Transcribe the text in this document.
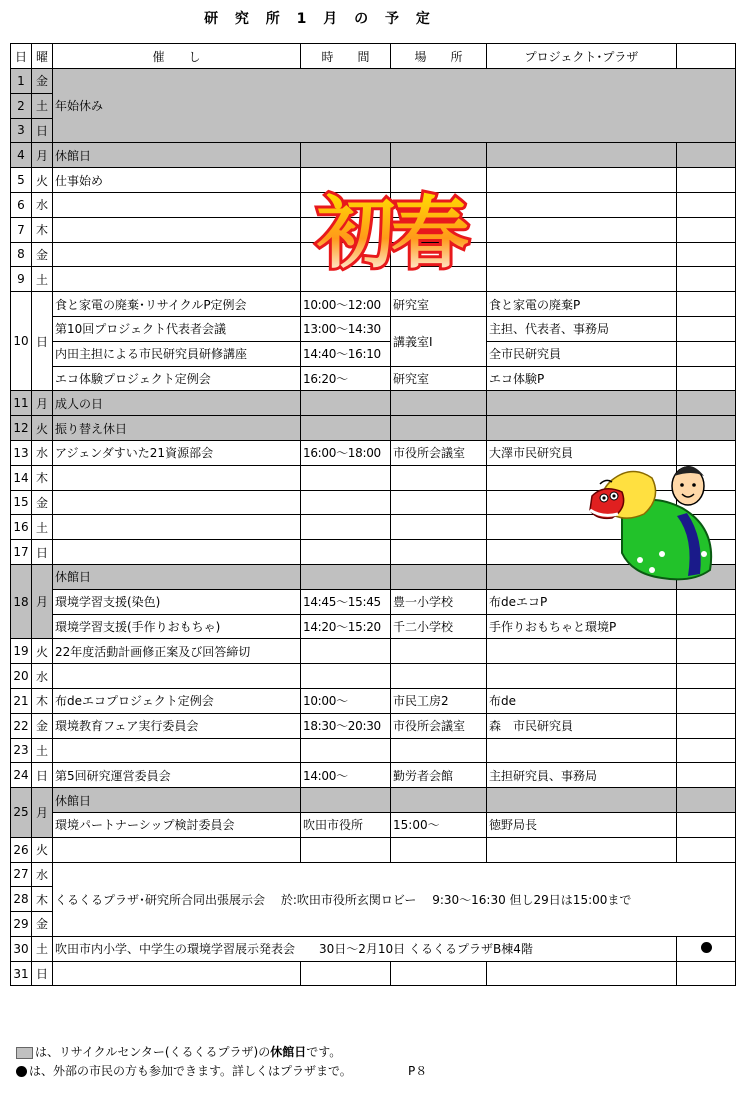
研 究 所 1 月 の 予 定
日	曜	催　　し	時　　間	場　　所	プロジェクト･プラザ	
1	金	年始休み				
2	土					
3	日					
4	月	休館日				
5	火	仕事始め				
6	水					
7	木					
8	金					
9	土					
10	日	食と家電の廃棄･リサイクルP定例会	10:00～12:00	研究室	食と家電の廃棄P	
		第10回プロジェクト代表者会議	13:00～14:30	講義室Ⅰ	主担、代表者、事務局	
		内田主担による市民研究員研修講座	14:40～16:10		全市民研究員	
		エコ体験プロジェクト定例会	16:20～	研究室	エコ体験P	
11	月	成人の日				
12	火	振り替え休日				
13	水	アジェンダすいた21資源部会	16:00～18:00	市役所会議室	大澤市民研究員	
14	木					
15	金					
16	土					
17	日					
18	月	休館日				
		環境学習支援(染色)	14:45～15:45	豊一小学校	布deエコP	
		環境学習支援(手作りおもちゃ)	14:20～15:20	千二小学校	手作りおもちゃと環境P	
19	火	22年度活動計画修正案及び回答締切				
20	水					
21	木	布deエコプロジェクト定例会	10:00～	市民工房2	布de	
22	金	環境教育フェア実行委員会	18:30～20:30	市役所会議室	森　市民研究員	
23	土					
24	日	第5回研究運営委員会	14:00～	勤労者会館	主担研究員、事務局	
25	月	休館日				
		環境パートナーシップ検討委員会	吹田市役所	15:00～	徳野局長	
26	火					
27	水	くるくるプラザ･研究所合同出張展示会　 於:吹田市役所玄関ロビー　 9:30～16:30 但し29日は15:00まで				
28	木					
29	金					
30	土	吹田市内小学、中学生の環境学習展示発表会　　30日～2月10日 くるくるプラザB棟4階				
31	日					
初春
は、リサイクルセンター(くるくるプラザ)の休館日です。
は、外部の市民の方も参加できます。詳しくはプラザまで。	P８
